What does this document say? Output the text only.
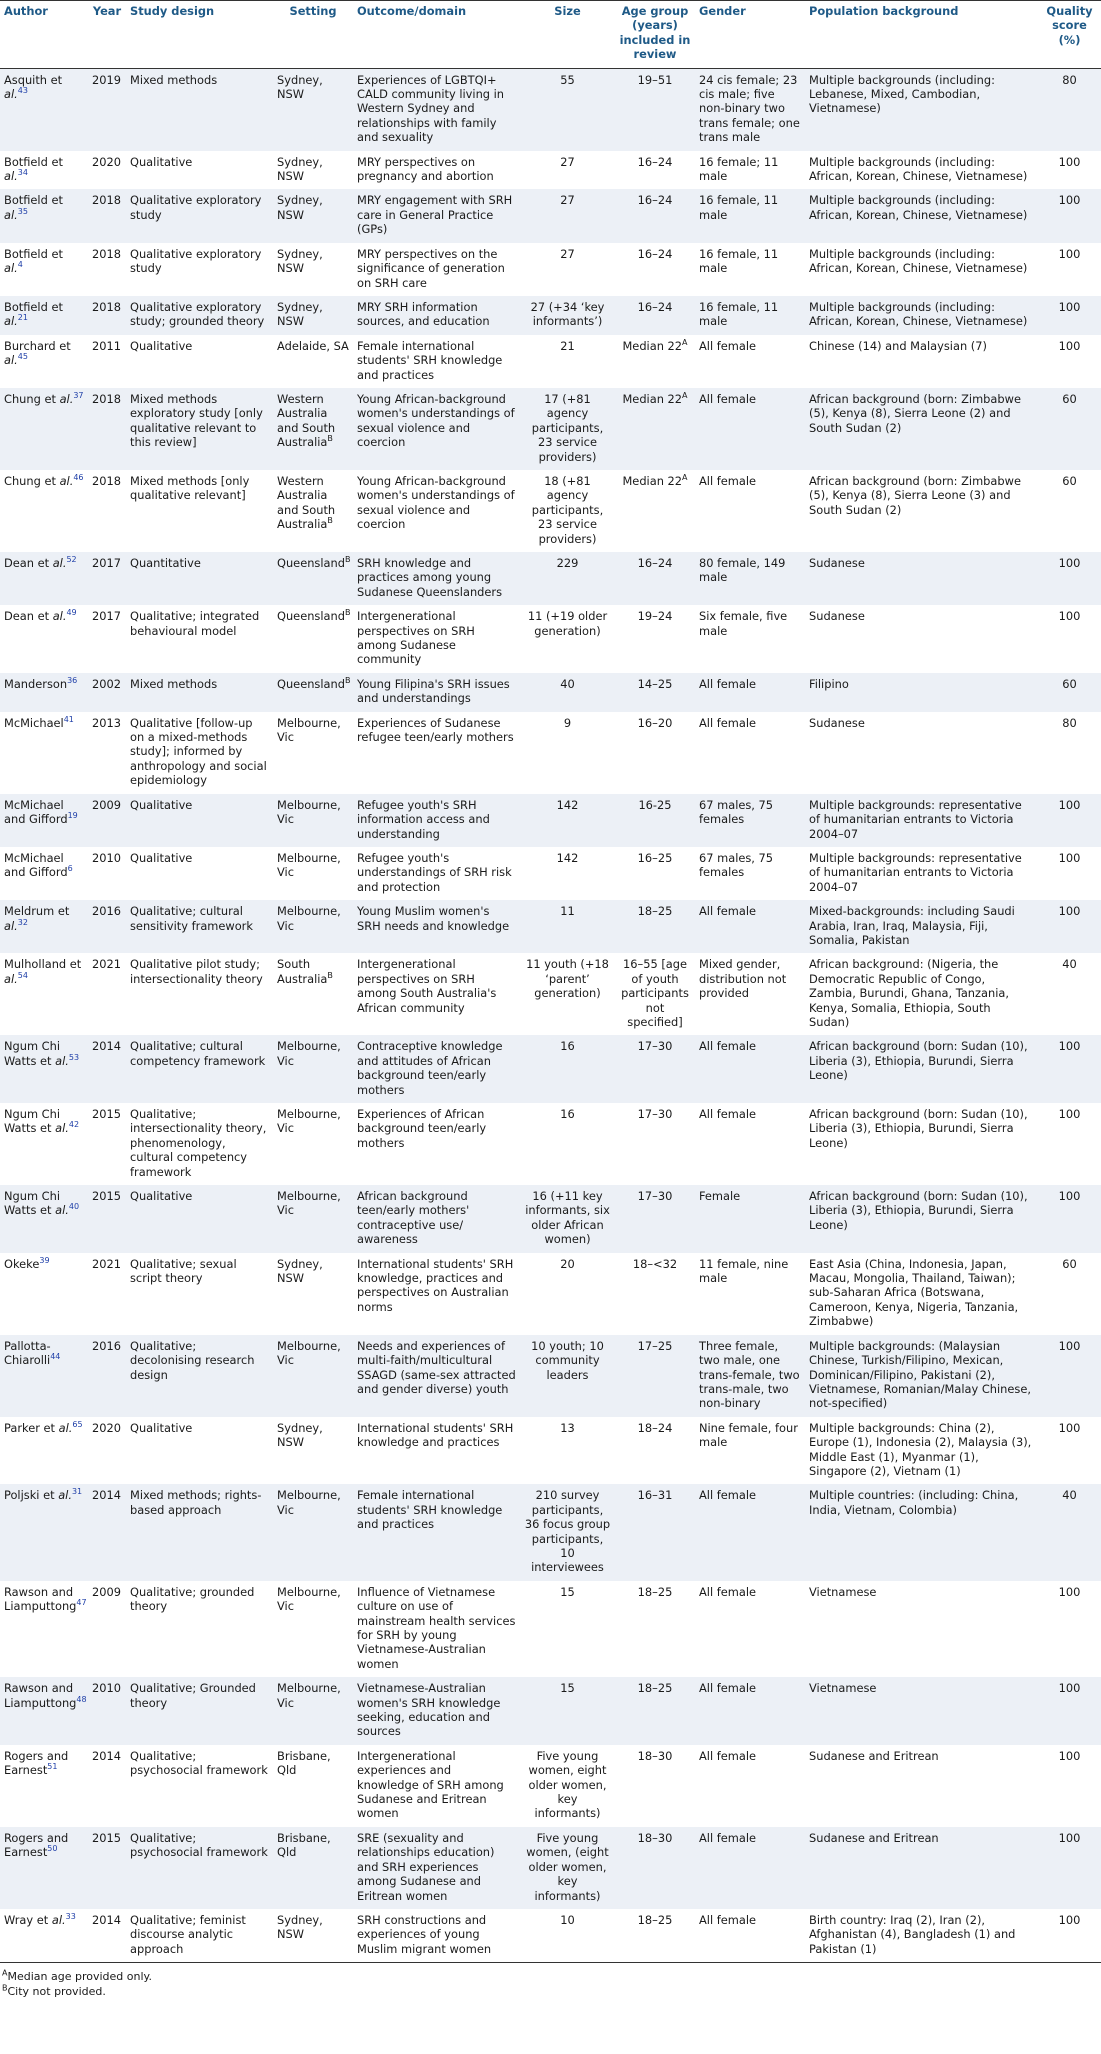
Author	Year	Study design	Setting	Outcome/domain	Size	Age group (years) included in review	Gender	Population background	Quality score (%)
Asquith et al.$^{43}$	2019	Mixed methods	Sydney, NSW	Experiences of LGBTQI+ CALD community living in Western Sydney and relationships with family and sexuality	55	19–51	24 cis female; 23 cis male; five non-binary two trans female; one trans male	Multiple backgrounds (including: Lebanese, Mixed, Cambodian, Vietnamese)	80
Botfield et al.$^{34}$	2020	Qualitative	Sydney, NSW	MRY perspectives on pregnancy and abortion	27	16–24	16 female; 11 male	Multiple backgrounds (including: African, Korean, Chinese, Vietnamese)	100
Botfield et al.$^{35}$	2018	Qualitative exploratory study	Sydney, NSW	MRY engagement with SRH care in General Practice (GPs)	27	16–24	16 female, 11 male	Multiple backgrounds (including: African, Korean, Chinese, Vietnamese)	100
Botfield et al.$^4$	2018	Qualitative exploratory study	Sydney, NSW	MRY perspectives on the significance of generation on SRH care	27	16–24	16 female, 11 male	Multiple backgrounds (including: African, Korean, Chinese, Vietnamese)	100
Botfield et al.$^{21}$	2018	Qualitative exploratory study; grounded theory	Sydney, NSW	MRY SRH information sources, and education	27 (+34 ‘key informants’)	16–24	16 female, 11 male	Multiple backgrounds (including: African, Korean, Chinese, Vietnamese)	100
Burchard et al.$^{45}$	2011	Qualitative	Adelaide, SA	Female international students' SRH knowledge and practices	21	Median $22^A$	All female	Chinese (14) and Malaysian (7)	100
Chung et al.$^{37}$	2018	Mixed methods exploratory study [only qualitative relevant to this review]	Western Australia and South Australia$^B$	Young African-background women's understandings of sexual violence and coercion	17 (+81 agency participants, 23 service providers)	Median $22^A$	All female	African background (born: Zimbabwe (5), Kenya (8), Sierra Leone (2) and South Sudan (2)	60
Chung et al.$^{46}$	2018	Mixed methods [only qualitative relevant]	Western Australia and South Australia$^B$	Young African-background women's understandings of sexual violence and coercion	18 (+81 agency participants, 23 service providers)	Median $22^A$	All female	African background (born: Zimbabwe (5), Kenya (8), Sierra Leone (3) and South Sudan (2)	60
Dean et al.$^{52}$	2017	Quantitative	Queensland$^B$	SRH knowledge and practices among young Sudanese Queenslanders	229	16–24	80 female, 149 male	Sudanese	100
Dean et al.$^{49}$	2017	Qualitative; integrated behavioural model	Queensland$^B$	Intergenerational perspectives on SRH among Sudanese community	11 (+19 older generation)	19–24	Six female, five male	Sudanese	100
Manderson$^{36}$	2002	Mixed methods	Queensland$^B$	Young Filipina's SRH issues and understandings	40	14–25	All female	Filipino	60
McMichael$^{41}$	2013	Qualitative [follow-up on a mixed-methods study]; informed by anthropology and social epidemiology	Melbourne, Vic	Experiences of Sudanese refugee teen/early mothers	9	16–20	All female	Sudanese	80
McMichael and Gifford$^{19}$	2009	Qualitative	Melbourne, Vic	Refugee youth's SRH information access and understanding	142	16-25	67 males, 75 females	Multiple backgrounds: representative of humanitarian entrants to Victoria 2004–07	100
McMichael and Gifford$^6$	2010	Qualitative	Melbourne, Vic	Refugee youth's understandings of SRH risk and protection	142	16–25	67 males, 75 females	Multiple backgrounds: representative of humanitarian entrants to Victoria 2004–07	100
Meldrum et al.$^{32}$	2016	Qualitative; cultural sensitivity framework	Melbourne, Vic	Young Muslim women's SRH needs and knowledge	11	18–25	All female	Mixed-backgrounds: including Saudi Arabia, Iran, Iraq, Malaysia, Fiji, Somalia, Pakistan	100
Mulholland et al.$^{54}$	2021	Qualitative pilot study; intersectionality theory	South Australia$^B$	Intergenerational perspectives on SRH among South Australia's African community	11 youth (+18 ‘parent’ generation)	16–55 [age of youth participants not specified]	Mixed gender, distribution not provided	African background: (Nigeria, the Democratic Republic of Congo, Zambia, Burundi, Ghana, Tanzania, Kenya, Somalia, Ethiopia, South Sudan)	40
Ngum Chi Watts et al.$^{53}$	2014	Qualitative; cultural competency framework	Melbourne, Vic	Contraceptive knowledge and attitudes of African background teen/early mothers	16	17–30	All female	African background (born: Sudan (10), Liberia (3), Ethiopia, Burundi, Sierra Leone)	100
Ngum Chi Watts et al.$^{42}$	2015	Qualitative; intersectionality theory, phenomenology, cultural competency framework	Melbourne, Vic	Experiences of African background teen/early mothers	16	17–30	All female	African background (born: Sudan (10), Liberia (3), Ethiopia, Burundi, Sierra Leone)	100
Ngum Chi Watts et al.$^{40}$	2015	Qualitative	Melbourne, Vic	African background teen/early mothers' contraceptive use/ awareness	16 (+11 key informants, six older African women)	17–30	Female	African background (born: Sudan (10), Liberia (3), Ethiopia, Burundi, Sierra Leone)	100
Okeke$^{39}$	2021	Qualitative; sexual script theory	Sydney, NSW	International students' SRH knowledge, practices and perspectives on Australian norms	20	18–<32	11 female, nine male	East Asia (China, Indonesia, Japan, Macau, Mongolia, Thailand, Taiwan); sub-Saharan Africa (Botswana, Cameroon, Kenya, Nigeria, Tanzania, Zimbabwe)	60
Pallotta-Chiarolli$^{44}$	2016	Qualitative; decolonising research design	Melbourne, Vic	Needs and experiences of multi-faith/multicultural SSAGD (same-sex attracted and gender diverse) youth	10 youth; 10 community leaders	17–25	Three female, two male, one trans-female, two trans-male, two non-binary	Multiple backgrounds: (Malaysian Chinese, Turkish/Filipino, Mexican, Dominican/Filipino, Pakistani (2), Vietnamese, Romanian/Malay Chinese, not-specified)	100
Parker et al.$^{65}$	2020	Qualitative	Sydney, NSW	International students' SRH knowledge and practices	13	18–24	Nine female, four male	Multiple backgrounds: China (2), Europe (1), Indonesia (2), Malaysia (3), Middle East (1), Myanmar (1), Singapore (2), Vietnam (1)	100
Poljski et al.$^{31}$	2014	Mixed methods; rights-based approach	Melbourne, Vic	Female international students' SRH knowledge and practices	210 survey participants, 36 focus group participants, 10 interviewees	16–31	All female	Multiple countries: (including: China, India, Vietnam, Colombia)	40
Rawson and Liamputtong$^{47}$	2009	Qualitative; grounded theory	Melbourne, Vic	Influence of Vietnamese culture on use of mainstream health services for SRH by young Vietnamese-Australian women	15	18–25	All female	Vietnamese	100
Rawson and Liamputtong$^{48}$	2010	Qualitative; Grounded theory	Melbourne, Vic	Vietnamese-Australian women's SRH knowledge seeking, education and sources	15	18–25	All female	Vietnamese	100
Rogers and Earnest$^{51}$	2014	Qualitative; psychosocial framework	Brisbane, Qld	Intergenerational experiences and knowledge of SRH among Sudanese and Eritrean women	Five young women, eight older women, key informants)	18–30	All female	Sudanese and Eritrean	100
Rogers and Earnest$^{50}$	2015	Qualitative; psychosocial framework	Brisbane, Qld	SRE (sexuality and relationships education) and SRH experiences among Sudanese and Eritrean women	Five young women, (eight older women, key informants)	18–30	All female	Sudanese and Eritrean	100
Wray et al.$^{33}$	2014	Qualitative; feminist discourse analytic approach	Sydney, NSW	SRH constructions and experiences of young Muslim migrant women	10	18–25	All female	Birth country: Iraq (2), Iran (2), Afghanistan (4), Bangladesh (1) and Pakistan (1)	100
$^A$Median age provided only.
$^B$City not provided.
